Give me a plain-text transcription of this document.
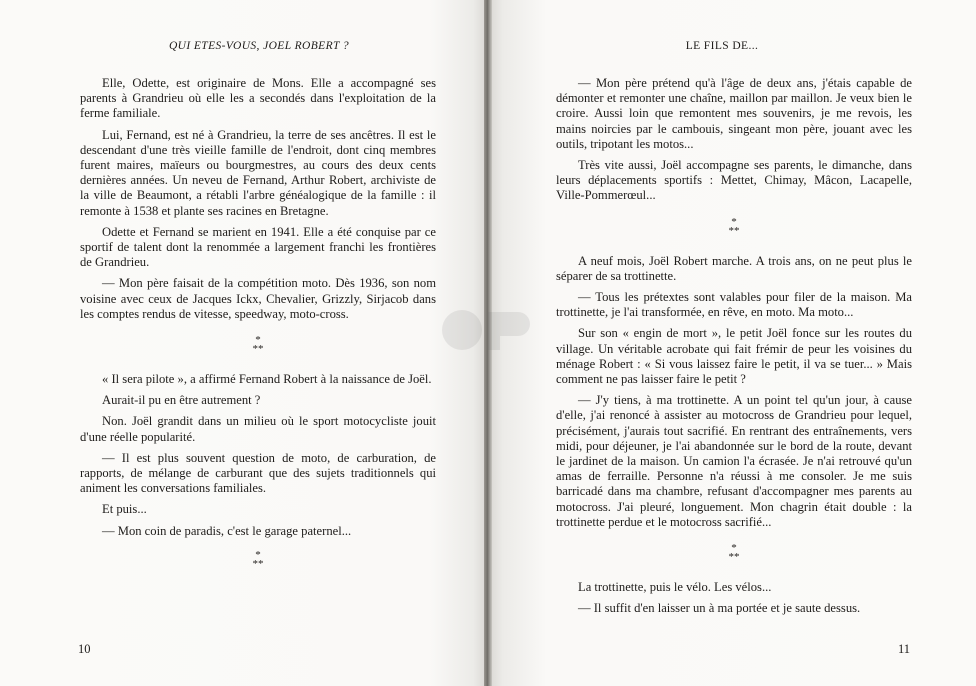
QUI ETES-VOUS, JOEL ROBERT ?

Elle, Odette, est originaire de Mons. Elle a accompagné ses parents à Grandrieu où elle les a secondés dans l'exploitation de la ferme familiale.

Lui, Fernand, est né à Grandrieu, la terre de ses ancêtres. Il est le descendant d'une très vieille famille de l'endroit, dont cinq membres furent maires, maïeurs ou bourgmestres, au cours des deux cents dernières années. Un neveu de Fernand, Arthur Robert, archiviste de la ville de Beaumont, a rétabli l'arbre généalogique de la famille : il remonte à 1538 et plante ses racines en Bretagne.

Odette et Fernand se marient en 1941. Elle a été conquise par ce sportif de talent dont la renommée a largement franchi les frontières de Grandrieu.

— Mon père faisait de la compétition moto. Dès 1936, son nom voisine avec ceux de Jacques Ickx, Chevalier, Grizzly, Sirjacob dans les comptes rendus de vitesse, speedway, moto-cross.

*
**

« Il sera pilote », a affirmé Fernand Robert à la naissance de Joël.

Aurait-il pu en être autrement ?

Non. Joël grandit dans un milieu où le sport motocycliste jouit d'une réelle popularité.

— Il est plus souvent question de moto, de carburation, de rapports, de mélange de carburant que des sujets traditionnels qui animent les conversations familiales.

Et puis...

— Mon coin de paradis, c'est le garage paternel...

*
**
10
LE FILS DE...

— Mon père prétend qu'à l'âge de deux ans, j'étais capable de démonter et remonter une chaîne, maillon par maillon. Je veux bien le croire. Aussi loin que remontent mes souvenirs, je me revois, les mains noircies par le cambouis, singeant mon père, jouant avec les outils, tripotant les motos...

Très vite aussi, Joël accompagne ses parents, le dimanche, dans leurs déplacements sportifs : Mettet, Chimay, Mâcon, Lacapelle, Ville-Pommerœul...

*
**

A neuf mois, Joël Robert marche. A trois ans, on ne peut plus le séparer de sa trottinette.

— Tous les prétextes sont valables pour filer de la maison. Ma trottinette, je l'ai transformée, en rêve, en moto. Ma moto...

Sur son « engin de mort », le petit Joël fonce sur les routes du village. Un véritable acrobate qui fait frémir de peur les voisines du ménage Robert : « Si vous laissez faire le petit, il va se tuer... » Mais comment ne pas laisser faire le petit ?

— J'y tiens, à ma trottinette. A un point tel qu'un jour, à cause d'elle, j'ai renoncé à assister au motocross de Grandrieu pour lequel, précisément, j'aurais tout sacrifié. En rentrant des entraînements, vers midi, pour déjeuner, je l'ai abandonnée sur le bord de la route, devant le jardinet de la maison. Un camion l'a écrasée. Je n'ai retrouvé qu'un amas de ferraille. Personne n'a réussi à me consoler. Je me suis barricadé dans ma chambre, refusant d'accompagner mes parents au motocross. J'ai pleuré, longuement. Mon chagrin était double : la trottinette perdue et le motocross sacrifié...

*
**

La trottinette, puis le vélo. Les vélos...

— Il suffit d'en laisser un à ma portée et je saute dessus.

11
